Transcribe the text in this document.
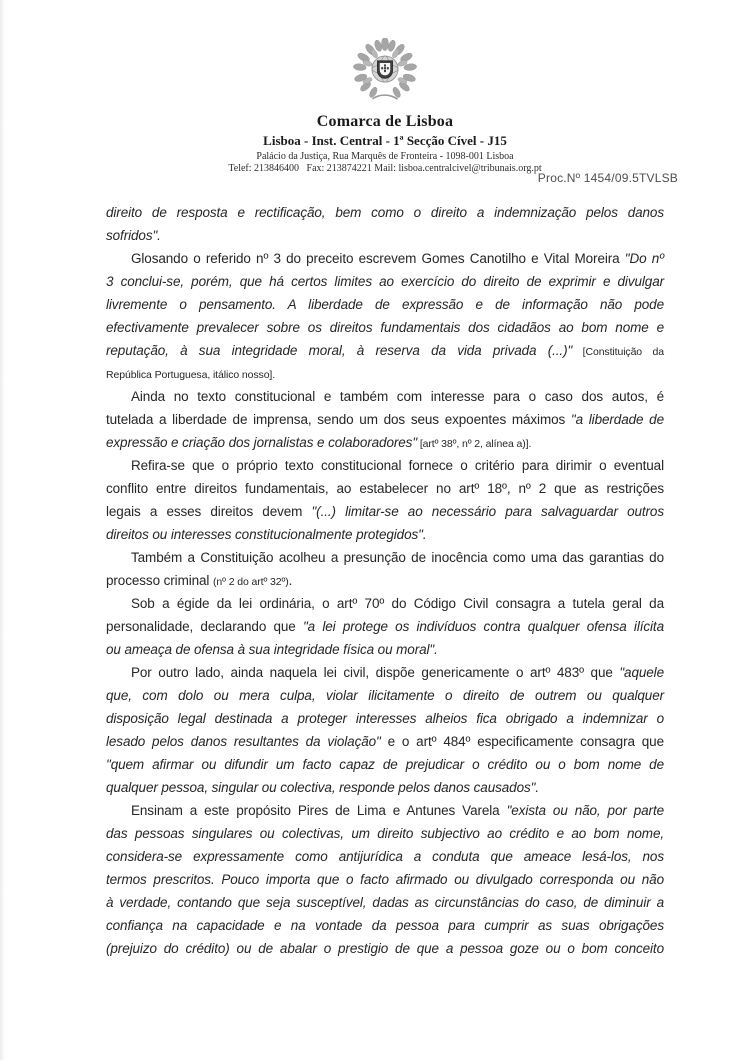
Comarca de Lisboa
Lisboa - Inst. Central - 1ª Secção Cível - J15
Palácio da Justiça, Rua Marquês de Fronteira - 1098-001 Lisboa
Telef: 213846400   Fax: 213874221 Mail: lisboa.centralcivel@tribunais.org.pt
Proc.Nº 1454/09.5TVLSB
direito de resposta e rectificação, bem como o direito a indemnização pelos danos
sofridos".
Glosando o referido nº 3 do preceito escrevem Gomes Canotilho e Vital Moreira "Do nº
3 conclui-se, porém, que há certos limites ao exercício do direito de exprimir e divulgar
livremente o pensamento. A liberdade de expressão e de informação não pode
efectivamente prevalecer sobre os direitos fundamentais dos cidadãos ao bom nome e
reputação, à sua integridade moral, à reserva da vida privada (...)" [Constituição da
República Portuguesa, itálico nosso].
Ainda no texto constitucional e também com interesse para o caso dos autos, é
tutelada a liberdade de imprensa, sendo um dos seus expoentes máximos "a liberdade de
expressão e criação dos jornalistas e colaboradores" [artº 38º, nº 2, alínea a)].
Refira-se que o próprio texto constitucional fornece o critério para dirimir o eventual
conflito entre direitos fundamentais, ao estabelecer no artº 18º, nº 2 que as restrições
legais a esses direitos devem "(...) limitar-se ao necessário para salvaguardar outros
direitos ou interesses constitucionalmente protegidos".
Também a Constituição acolheu a presunção de inocência como uma das garantias do
processo criminal (nº 2 do artº 32º).
Sob a égide da lei ordinária, o artº 70º do Código Civil consagra a tutela geral da
personalidade, declarando que "a lei protege os indivíduos contra qualquer ofensa ilícita
ou ameaça de ofensa à sua integridade física ou moral".
Por outro lado, ainda naquela lei civil, dispõe genericamente o artº 483º que "aquele
que, com dolo ou mera culpa, violar ilicitamente o direito de outrem ou qualquer
disposição legal destinada a proteger interesses alheios fica obrigado a indemnizar o
lesado pelos danos resultantes da violação" e o artº 484º especificamente consagra que
"quem afirmar ou difundir um facto capaz de prejudicar o crédito ou o bom nome de
qualquer pessoa, singular ou colectiva, responde pelos danos causados".
Ensinam a este propósito Pires de Lima e Antunes Varela "exista ou não, por parte
das pessoas singulares ou colectivas, um direito subjectivo ao crédito e ao bom nome,
considera-se expressamente como antijurídica a conduta que ameace lesá-los, nos
termos prescritos. Pouco importa que o facto afirmado ou divulgado corresponda ou não
à verdade, contando que seja susceptível, dadas as circunstâncias do caso, de diminuir a
confiança na capacidade e na vontade da pessoa para cumprir as suas obrigações
(prejuizo do crédito) ou de abalar o prestigio de que a pessoa goze ou o bom conceito
